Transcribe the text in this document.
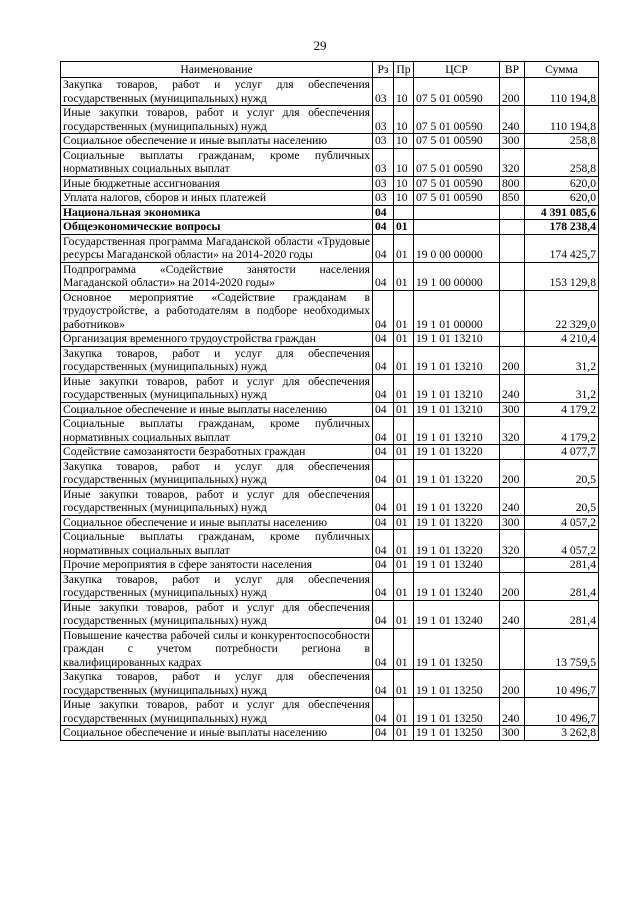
29
Наименование	Рз	Пр	ЦСР	ВР	Сумма
Закупка товаров, работ и услуг для обеспечения государственных (муниципальных) нужд	03	10	07 5 01 00590	200	110 194,8
Иные закупки товаров, работ и услуг для обеспечения государственных (муниципальных) нужд	03	10	07 5 01 00590	240	110 194,8
Социальное обеспечение и иные выплаты населению	03	10	07 5 01 00590	300	258,8
Социальные выплаты гражданам, кроме публичных нормативных социальных выплат	03	10	07 5 01 00590	320	258,8
Иные бюджетные ассигнования	03	10	07 5 01 00590	800	620,0
Уплата налогов, сборов и иных платежей	03	10	07 5 01 00590	850	620,0
Национальная экономика	04				4 391 085,6
Общеэкономические вопросы	04	01			178 238,4
Государственная программа Магаданской области «Трудовые ресурсы Магаданской области» на 2014-2020 годы	04	01	19 0 00 00000		174 425,7
Подпрограмма «Содействие занятости населения Магаданской области» на 2014-2020 годы»	04	01	19 1 00 00000		153 129,8
Основное мероприятие «Содействие гражданам в трудоустройстве, а работодателям в подборе необходимых работников»	04	01	19 1 01 00000		22 329,0
Организация временного трудоустройства граждан	04	01	19 1 01 13210		4 210,4
Закупка товаров, работ и услуг для обеспечения государственных (муниципальных) нужд	04	01	19 1 01 13210	200	31,2
Иные закупки товаров, работ и услуг для обеспечения государственных (муниципальных) нужд	04	01	19 1 01 13210	240	31,2
Социальное обеспечение и иные выплаты населению	04	01	19 1 01 13210	300	4 179,2
Социальные выплаты гражданам, кроме публичных нормативных социальных выплат	04	01	19 1 01 13210	320	4 179,2
Содействие самозанятости безработных граждан	04	01	19 1 01 13220		4 077,7
Закупка товаров, работ и услуг для обеспечения государственных (муниципальных) нужд	04	01	19 1 01 13220	200	20,5
Иные закупки товаров, работ и услуг для обеспечения государственных (муниципальных) нужд	04	01	19 1 01 13220	240	20,5
Социальное обеспечение и иные выплаты населению	04	01	19 1 01 13220	300	4 057,2
Социальные выплаты гражданам, кроме публичных нормативных социальных выплат	04	01	19 1 01 13220	320	4 057,2
Прочие мероприятия в сфере занятости населения	04	01	19 1 01 13240		281,4
Закупка товаров, работ и услуг для обеспечения государственных (муниципальных) нужд	04	01	19 1 01 13240	200	281,4
Иные закупки товаров, работ и услуг для обеспечения государственных (муниципальных) нужд	04	01	19 1 01 13240	240	281,4
Повышение качества рабочей силы и конкурентоспособности граждан с учетом потребности региона в квалифицированных кадрах	04	01	19 1 01 13250		13 759,5
Закупка товаров, работ и услуг для обеспечения государственных (муниципальных) нужд	04	01	19 1 01 13250	200	10 496,7
Иные закупки товаров, работ и услуг для обеспечения государственных (муниципальных) нужд	04	01	19 1 01 13250	240	10 496,7
Социальное обеспечение и иные выплаты населению	04	01	19 1 01 13250	300	3 262,8
